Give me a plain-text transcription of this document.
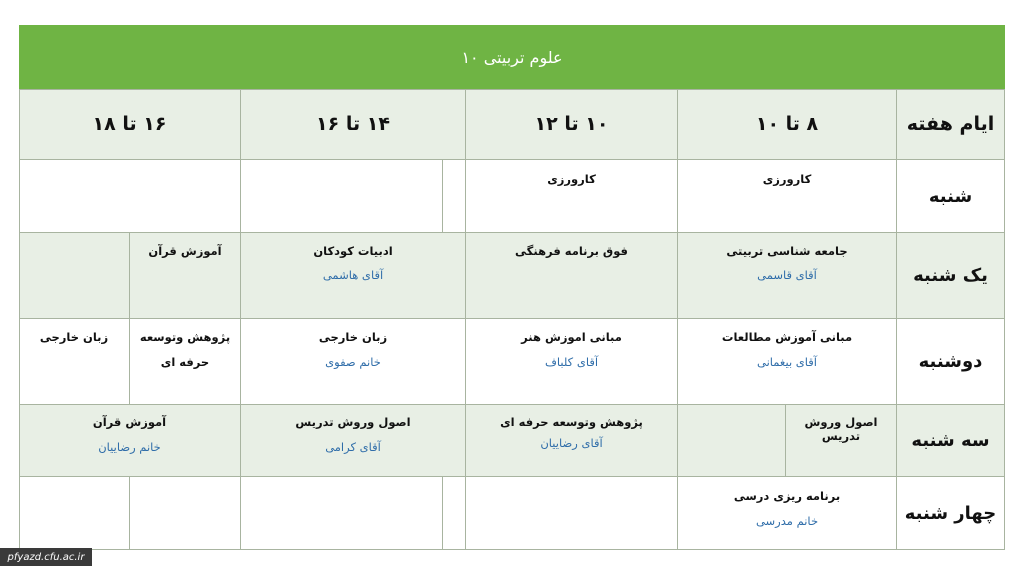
علوم تربیتی ۱۰
ایام هفته
۸ تا ۱۰
۱۰ تا ۱۲
۱۴ تا ۱۶
۱۶ تا ۱۸
شنبه
کارورزی
کارورزی
یک شنبه
جامعه شناسی تربیتی
آقای قاسمی
فوق برنامه فرهنگی
ادبیات کودکان
آقای هاشمی
آموزش قرآن
دوشنبه
مبانی آموزش مطالعات
آقای بیغمانی
مبانی اموزش هنر
آقای کلباف
زبان خارجی
خانم صفوی
پژوهش وتوسعه
حرفه ای
زبان خارجی
سه شنبه
اصول وروش تدریس
پژوهش وتوسعه حرفه ای
آقای رضاییان
اصول وروش تدریس
آقای کرامی
آموزش قرآن
خانم رضاییان
چهار شنبه
برنامه ریزی درسی
خانم مدرسی
pfyazd.cfu.ac.ir
